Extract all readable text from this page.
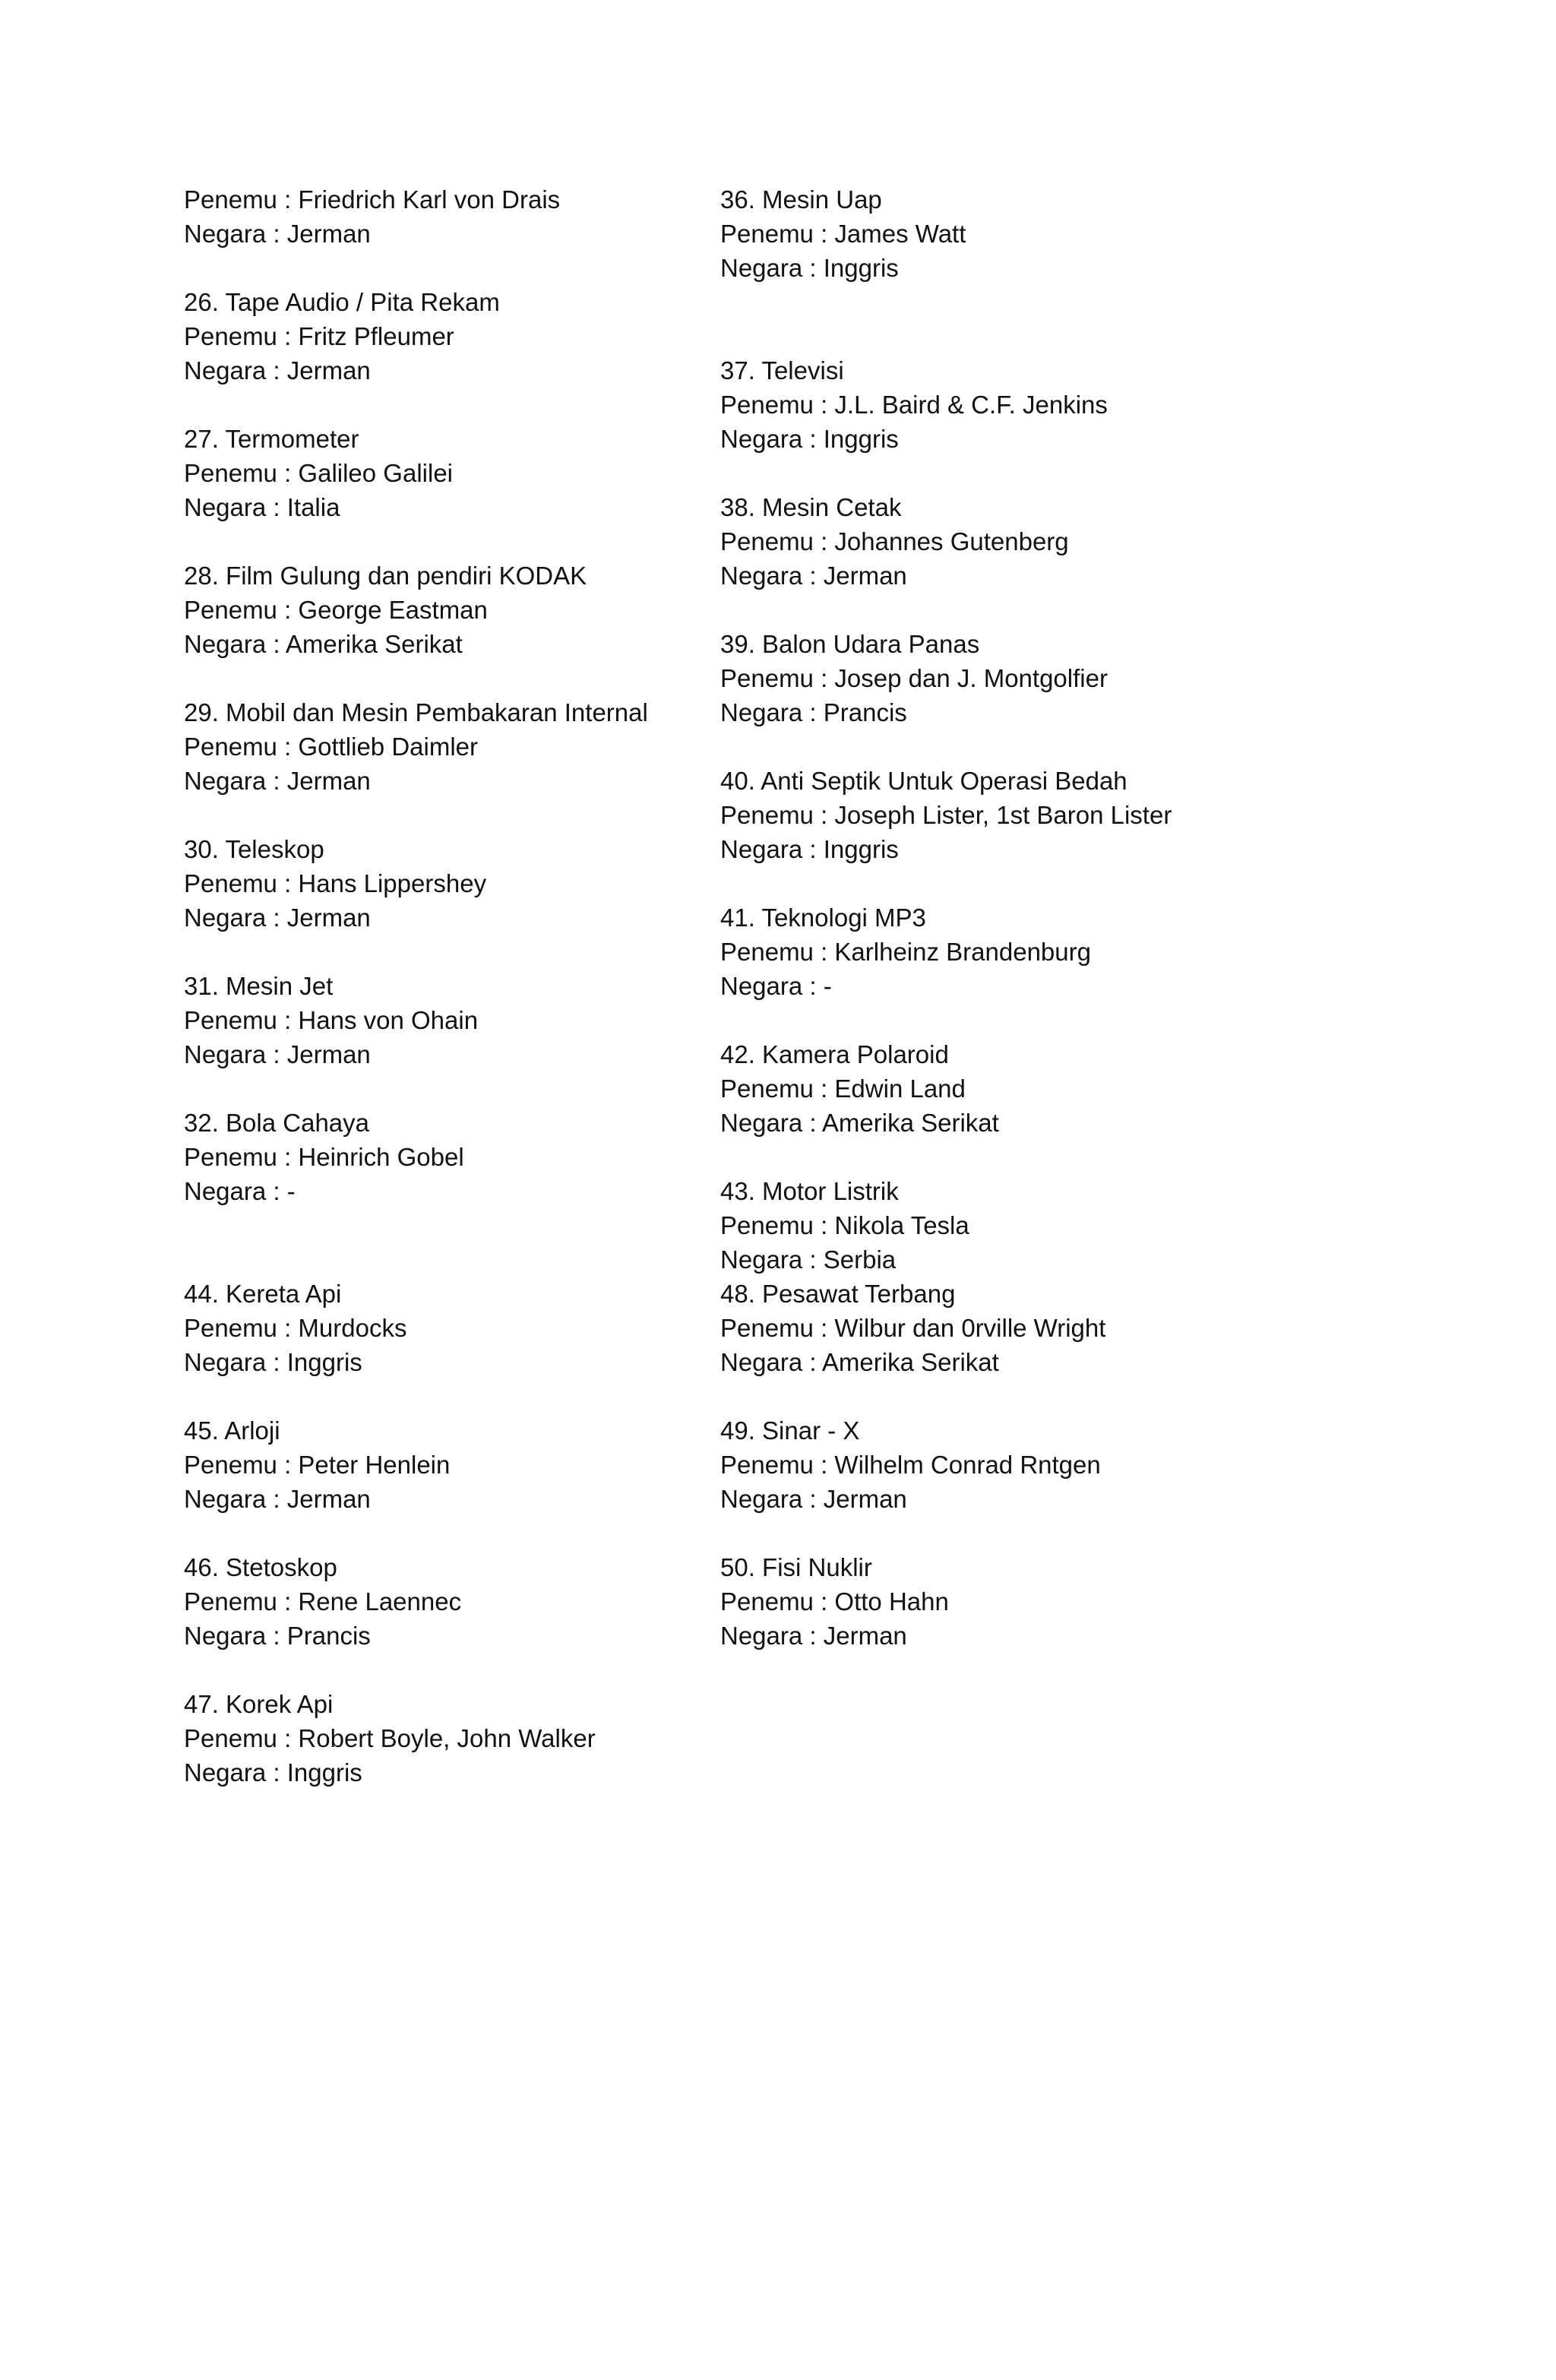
Penemu : Friedrich Karl von Drais
Negara : Jerman
26. Tape Audio / Pita Rekam
Penemu : Fritz Pfleumer
Negara : Jerman
27. Termometer
Penemu : Galileo Galilei
Negara : Italia
28. Film Gulung dan pendiri KODAK
Penemu : George Eastman
Negara : Amerika Serikat
29. Mobil dan Mesin Pembakaran Internal
Penemu : Gottlieb Daimler
Negara : Jerman
30. Teleskop
Penemu : Hans Lippershey
Negara : Jerman
31. Mesin Jet
Penemu : Hans von Ohain
Negara : Jerman
32. Bola Cahaya
Penemu : Heinrich Gobel
Negara : -
44. Kereta Api
Penemu : Murdocks
Negara : Inggris
45. Arloji
Penemu : Peter Henlein
Negara : Jerman
46. Stetoskop
Penemu : Rene Laennec
Negara : Prancis
47. Korek Api
Penemu : Robert Boyle, John Walker
Negara : Inggris
36. Mesin Uap
Penemu : James Watt
Negara : Inggris
37. Televisi
Penemu : J.L. Baird & C.F. Jenkins
Negara : Inggris
38. Mesin Cetak
Penemu : Johannes Gutenberg
Negara : Jerman
39. Balon Udara Panas
Penemu : Josep dan J. Montgolfier
Negara : Prancis
40. Anti Septik Untuk Operasi Bedah
Penemu : Joseph Lister, 1st Baron Lister
Negara : Inggris
41. Teknologi MP3
Penemu : Karlheinz Brandenburg
Negara : -
42. Kamera Polaroid
Penemu : Edwin Land
Negara : Amerika Serikat
43. Motor Listrik
Penemu : Nikola Tesla
Negara : Serbia
48. Pesawat Terbang
Penemu : Wilbur dan 0rville Wright
Negara : Amerika Serikat
49. Sinar - X
Penemu : Wilhelm Conrad Rntgen
Negara : Jerman
50. Fisi Nuklir
Penemu : Otto Hahn
Negara : Jerman
